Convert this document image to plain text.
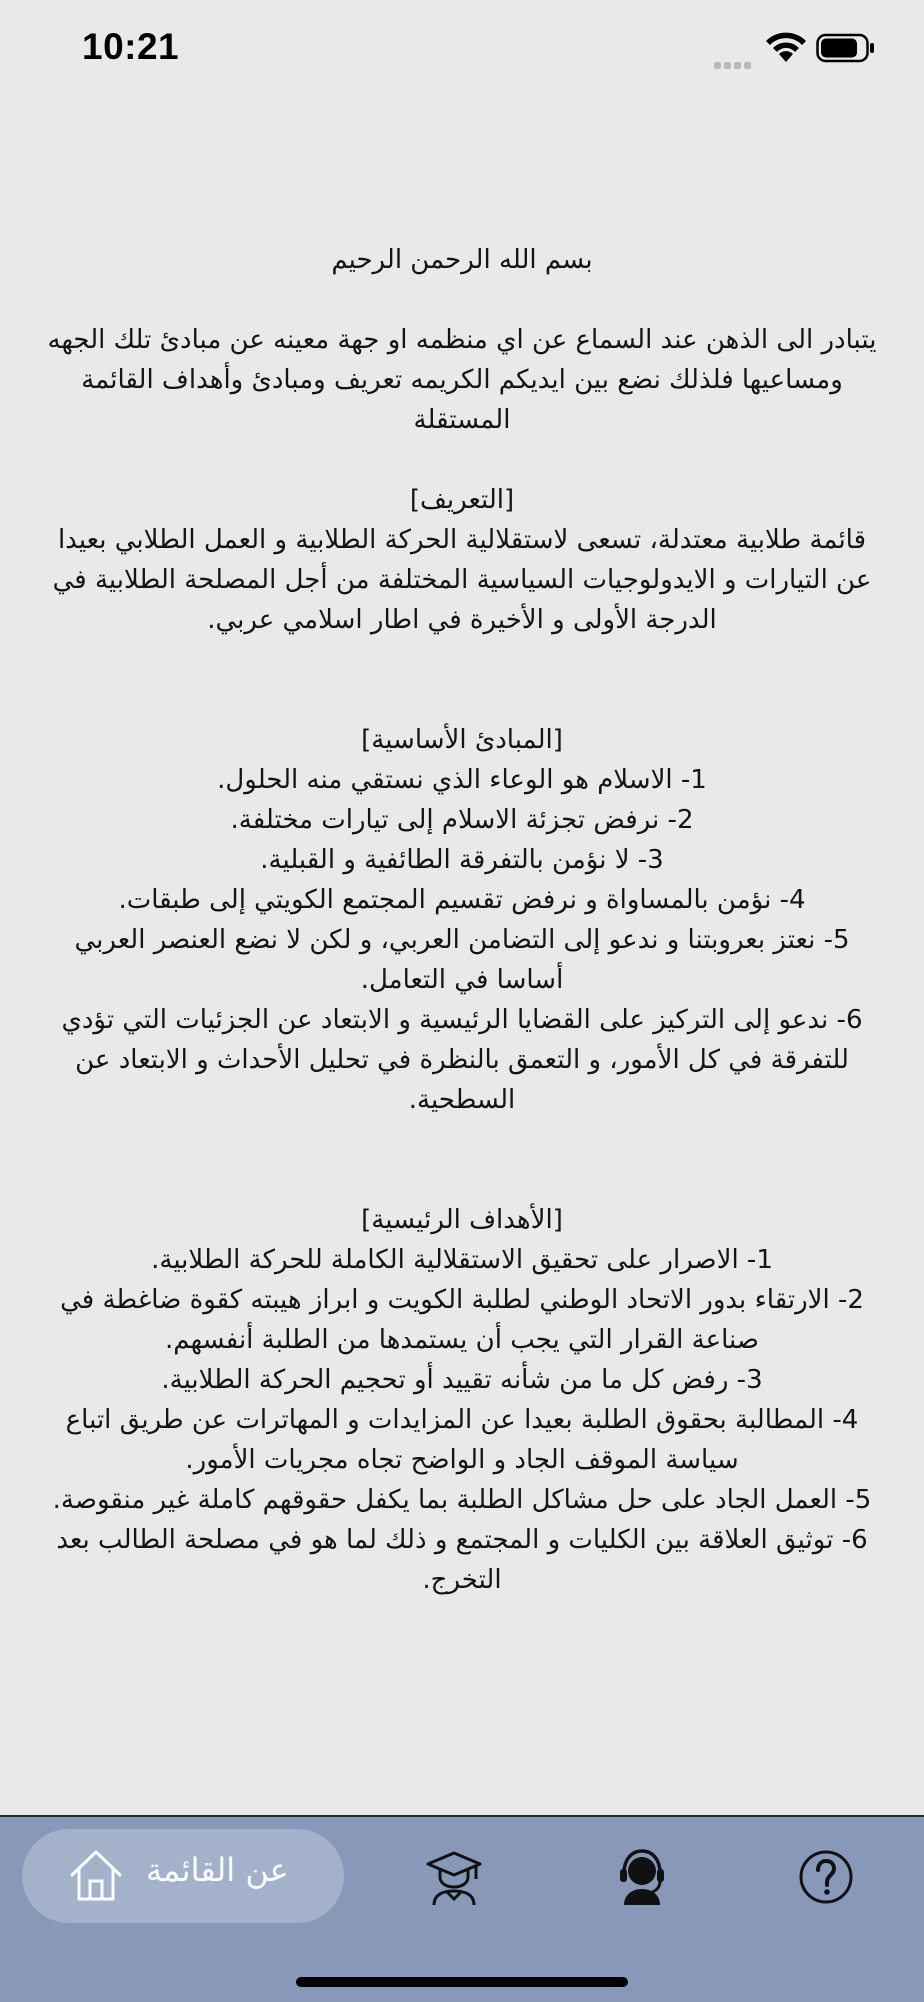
10:21

بسم الله الرحمن الرحيم

يتبادر الى الذهن عند السماع عن اي منظمه او جهة معينه عن مبادئ تلك الجهه ومساعيها فلذلك نضع بين ايديكم الكريمه تعريف ومبادئ وأهداف القائمة المستقلة

[التعريف]

قائمة طلابية معتدلة، تسعى لاستقلالية الحركة الطلابية و العمل الطلابي بعيدا عن التيارات و الايدولوجيات السياسية المختلفة من أجل المصلحة الطلابية في الدرجة الأولى و الأخيرة في اطار اسلامي عربي.

[المبادئ الأساسية]

1- الاسلام هو الوعاء الذي نستقي منه الحلول.

2- نرفض تجزئة الاسلام إلى تيارات مختلفة.

3- لا نؤمن بالتفرقة الطائفية و القبلية.

4- نؤمن بالمساواة و نرفض تقسيم المجتمع الكويتي إلى طبقات.

5- نعتز بعروبتنا و ندعو إلى التضامن العربي، و لكن لا نضع العنصر العربي أساسا في التعامل.

6- ندعو إلى التركيز على القضايا الرئيسية و الابتعاد عن الجزئيات التي تؤدي للتفرقة في كل الأمور، و التعمق بالنظرة في تحليل الأحداث و الابتعاد عن السطحية.

[الأهداف الرئيسية]

1- الاصرار على تحقيق الاستقلالية الكاملة للحركة الطلابية.

2- الارتقاء بدور الاتحاد الوطني لطلبة الكويت و ابراز هيبته كقوة ضاغطة في صناعة القرار التي يجب أن يستمدها من الطلبة أنفسهم.

3- رفض كل ما من شأنه تقييد أو تحجيم الحركة الطلابية.

4- المطالبة بحقوق الطلبة بعيدا عن المزايدات و المهاترات عن طريق اتباع سياسة الموقف الجاد و الواضح تجاه مجريات الأمور.

5- العمل الجاد على حل مشاكل الطلبة بما يكفل حقوقهم كاملة غير منقوصة.

6- توثيق العلاقة بين الكليات و المجتمع و ذلك لما هو في مصلحة الطالب بعد التخرج.

عن القائمة
